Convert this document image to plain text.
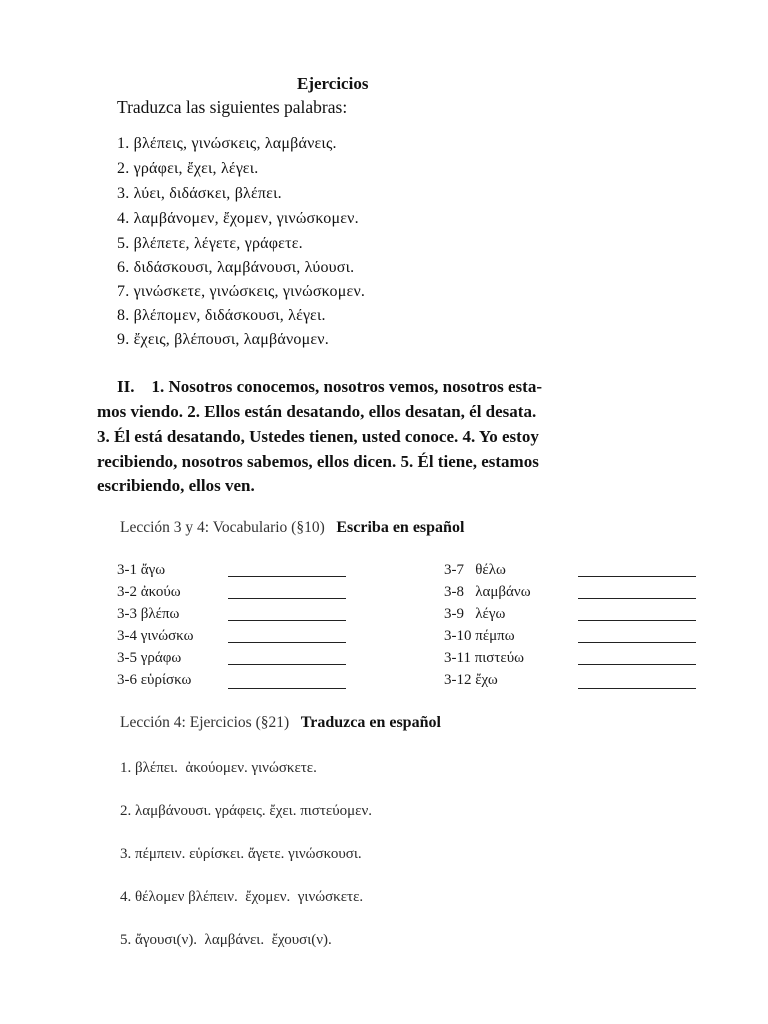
Ejercicios
Traduzca las siguientes palabras:
1. βλέπεις, γινώσκεις, λαμβάνεις.
2. γράφει, ἔχει, λέγει.
3. λύει, διδάσκει, βλέπει.
4. λαμβάνομεν, ἔχομεν, γινώσκομεν.
5. βλέπετε, λέγετε, γράφετε.
6. διδάσκουσι, λαμβάνουσι, λύουσι.
7. γινώσκετε, γινώσκεις, γινώσκομεν.
8. βλέπομεν, διδάσκουσι, λέγει.
9. ἔχεις, βλέπουσι, λαμβάνομεν.
II.    1. Nosotros conocemos, nosotros vemos, nosotros esta-
mos viendo. 2. Ellos están desatando, ellos desatan, él desata.
3. Él está desatando, Ustedes tienen, usted conoce. 4. Yo estoy
recibiendo, nosotros sabemos, ellos dicen. 5. Él tiene, estamos
escribiendo, ellos ven.
Lección 3 y 4: Vocabulario (§10)   Escriba en español
3-1 ἄγω
3-2 ἀκούω
3-3 βλέπω
3-4 γινώσκω
3-5 γράφω
3-6 εὑρίσκω
3-7   θέλω
3-8   λαμβάνω
3-9   λέγω
3-10 πέμπω
3-11 πιστεύω
3-12 ἔχω
Lección 4: Ejercicios (§21)   Traduzca en español
1. βλέπει.  ἀκούομεν. γινώσκετε.
2. λαμβάνουσι. γράφεις. ἔχει. πιστεύομεν.
3. πέμπειν. εὑρίσκει. ἄγετε. γινώσκουσι.
4. θέλομεν βλέπειν.  ἔχομεν.  γινώσκετε.
5. ἄγουσι(ν).  λαμβάνει.  ἔχουσι(ν).
